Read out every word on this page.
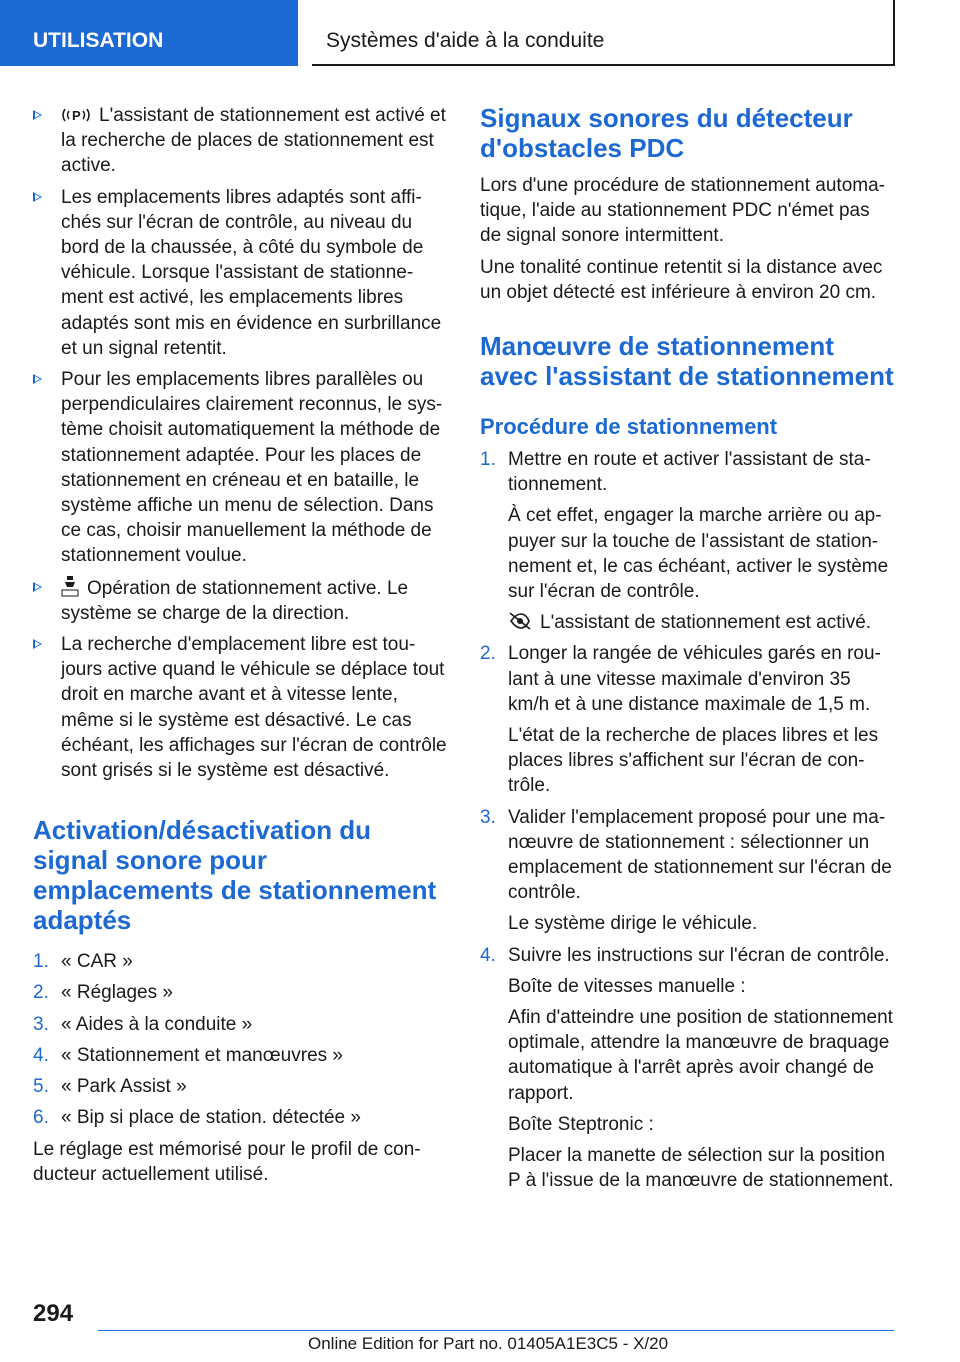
UTILISATION	Systèmes d'aide à la conduite
P L'assistant de stationnement est activé et la recherche de places de stationnement est active.
Les emplacements libres adaptés sont affichés sur l'écran de contrôle, au niveau du bord de la chaussée, à côté du symbole de véhicule. Lorsque l'assistant de stationnement est activé, les emplacements libres adaptés sont mis en évidence en surbrillance et un signal retentit.
Pour les emplacements libres parallèles ou perpendiculaires clairement reconnus, le système choisit automatiquement la méthode de stationnement adaptée. Pour les places de stationnement en créneau et en bataille, le système affiche un menu de sélection. Dans ce cas, choisir manuellement la méthode de stationnement voulue.
Opération de stationnement active. Le système se charge de la direction.
La recherche d'emplacement libre est toujours active quand le véhicule se déplace tout droit en marche avant et à vitesse lente, même si le système est désactivé. Le cas échéant, les affichages sur l'écran de contrôle sont grisés si le système est désactivé.
Activation/désactivation du signal sonore pour emplacements de stationnement adaptés
1. « CAR »
2. « Réglages »
3. « Aides à la conduite »
4. « Stationnement et manœuvres »
5. « Park Assist »
6. « Bip si place de station. détectée »

Le réglage est mémorisé pour le profil de conducteur actuellement utilisé.

Signaux sonores du détecteur d'obstacles PDC

Lors d'une procédure de stationnement automatique, l'aide au stationnement PDC n'émet pas de signal sonore intermittent.

Une tonalité continue retentit si la distance avec un objet détecté est inférieure à environ 20 cm.

Manœuvre de stationnement avec l'assistant de stationnement
Procédure de stationnement
1. Mettre en route et activer l'assistant de stationnement.
À cet effet, engager la marche arrière ou appuyer sur la touche de l'assistant de stationnement et, le cas échéant, activer le système sur l'écran de contrôle.
L'assistant de stationnement est activé.
2. Longer la rangée de véhicules garés en roulant à une vitesse maximale d'environ 35 km/h et à une distance maximale de 1,5 m.
L'état de la recherche de places libres et les places libres s'affichent sur l'écran de contrôle.
3. Valider l'emplacement proposé pour une manœuvre de stationnement : sélectionner un emplacement de stationnement sur l'écran de contrôle.
Le système dirige le véhicule.
4. Suivre les instructions sur l'écran de contrôle.
Boîte de vitesses manuelle :
Afin d'atteindre une position de stationnement optimale, attendre la manœuvre de braquage automatique à l'arrêt après avoir changé de rapport.
Boîte Steptronic :
Placer la manette de sélection sur la position P à l'issue de la manœuvre de stationnement.
294
Online Edition for Part no. 01405A1E3C5 - X/20
